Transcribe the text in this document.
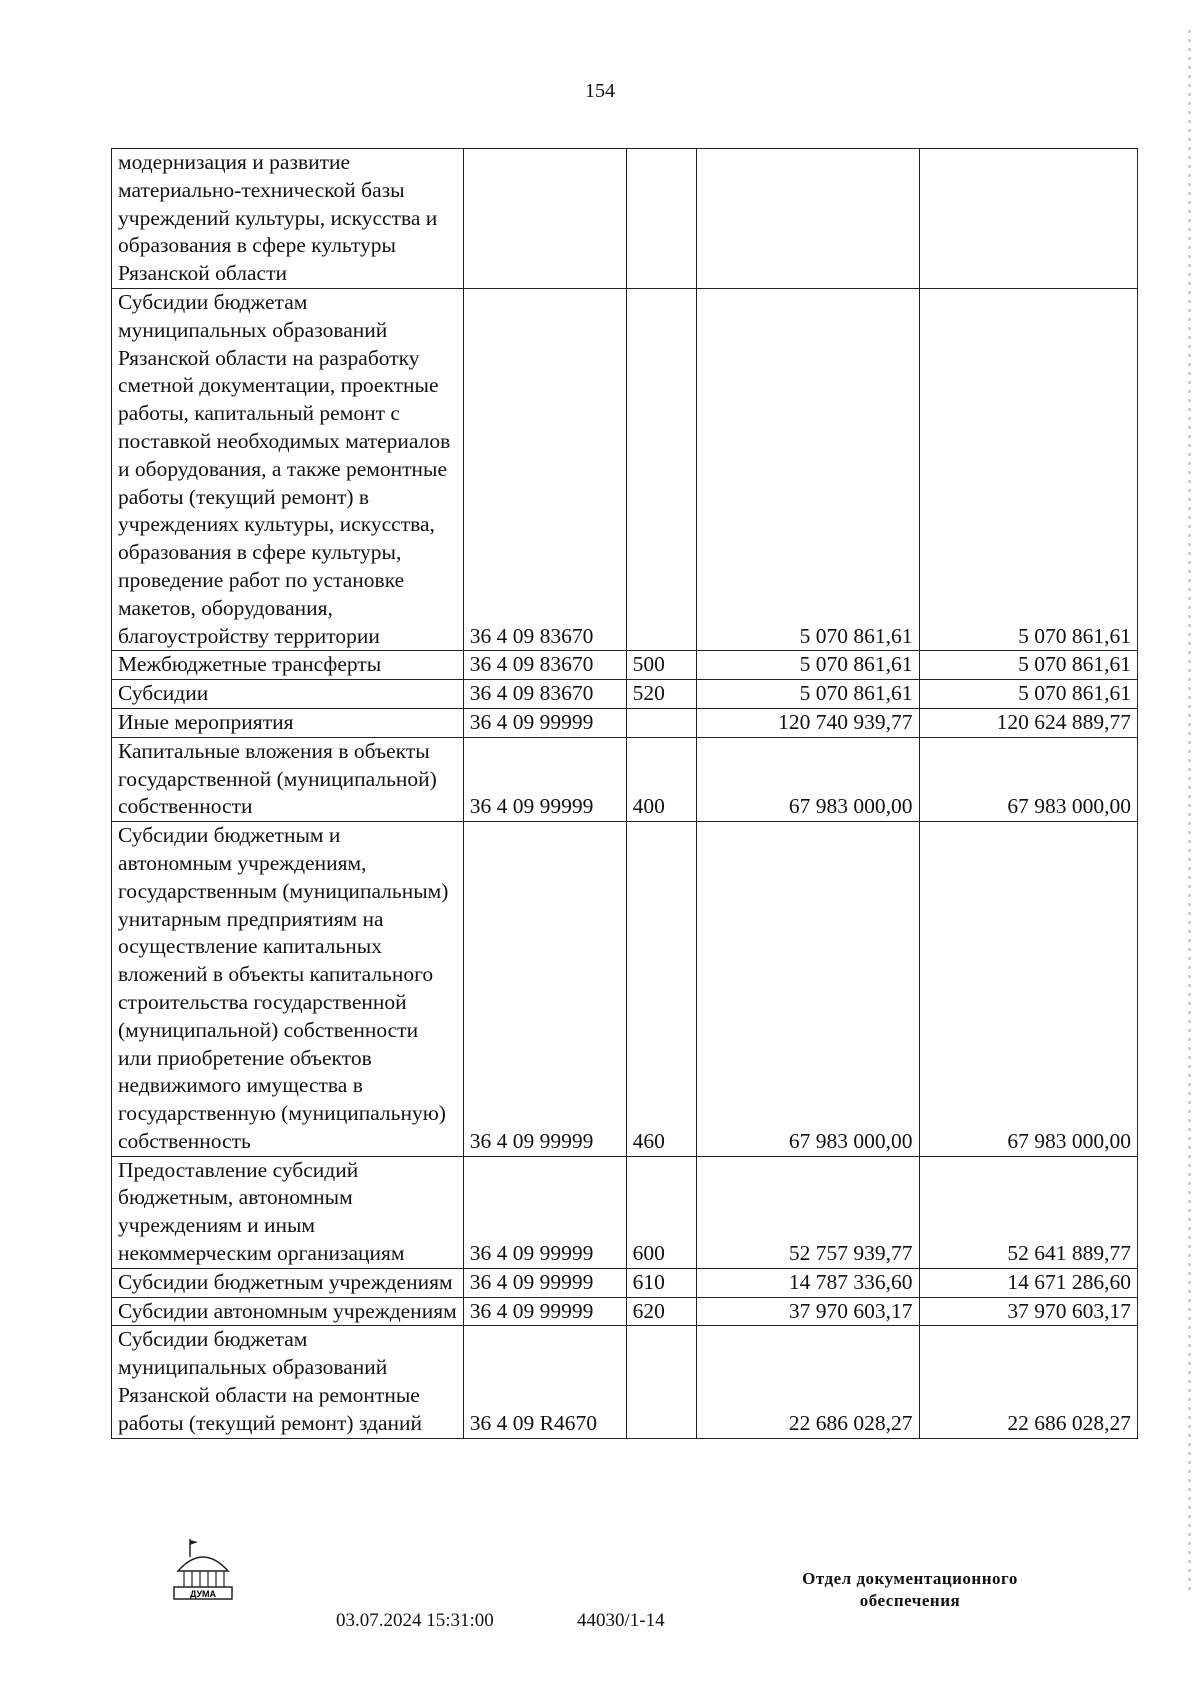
154
модернизация и развитие материально-технической базы учреждений культуры, искусства и образования в сфере культуры Рязанской области				
Субсидии бюджетам муниципальных образований Рязанской области на разработку сметной документации, проектные работы, капитальный ремонт с поставкой необходимых материалов и оборудования, а также ремонтные работы (текущий ремонт) в учреждениях культуры, искусства, образования в сфере культуры, проведение работ по установке макетов, оборудования, благоустройству территории	36 4 09 83670		5 070 861,61	5 070 861,61
Межбюджетные трансферты	36 4 09 83670	500	5 070 861,61	5 070 861,61
Субсидии	36 4 09 83670	520	5 070 861,61	5 070 861,61
Иные мероприятия	36 4 09 99999		120 740 939,77	120 624 889,77
Капитальные вложения в объекты государственной (муниципальной) собственности	36 4 09 99999	400	67 983 000,00	67 983 000,00
Субсидии бюджетным и автономным учреждениям, государственным (муниципальным) унитарным предприятиям на осуществление капитальных вложений в объекты капитального строительства государственной (муниципальной) собственности или приобретение объектов недвижимого имущества в государственную (муниципальную) собственность	36 4 09 99999	460	67 983 000,00	67 983 000,00
Предоставление субсидий бюджетным, автономным учреждениям и иным некоммерческим организациям	36 4 09 99999	600	52 757 939,77	52 641 889,77
Субсидии бюджетным учреждениям	36 4 09 99999	610	14 787 336,60	14 671 286,60
Субсидии автономным учреждениям	36 4 09 99999	620	37 970 603,17	37 970 603,17
Субсидии бюджетам муниципальных образований Рязанской области на ремонтные работы (текущий ремонт) зданий	36 4 09 R4670		22 686 028,27	22 686 028,27
ДУМА
03.07.2024 15:31:00	44030/1-14
Отдел документационного
обеспечения
